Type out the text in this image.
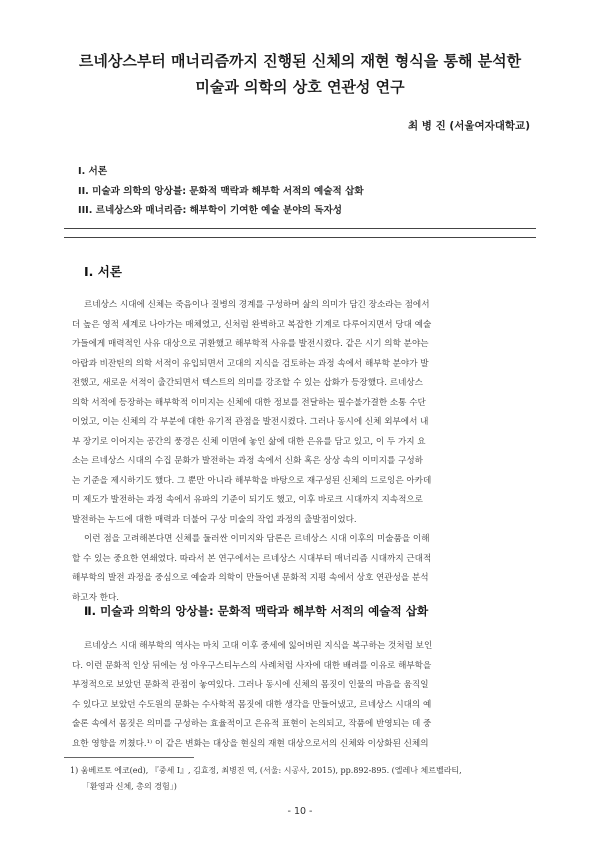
르네상스부터 매너리즘까지 진행된 신체의 재현 형식을 통해 분석한
미술과 의학의 상호 연관성 연구
최 병 진 (서울여자대학교)
I. 서론
II. 미술과 의학의 앙상블: 문화적 맥락과 해부학 서적의 예술적 삽화
III. 르네상스와 매너리즘: 해부학이 기여한 예술 분야의 독자성
Ⅰ. 서론
르네상스 시대에 신체는 죽음이나 질병의 경계를 구성하며 삶의 의미가 담긴 장소라는 점에서
더 높은 영적 세계로 나아가는 매체였고, 신처럼 완벽하고 복잡한 기계로 다루어지면서 당대 예술
가들에게 매력적인 사유 대상으로 귀환했고 해부학적 사유를 발전시켰다. 같은 시기 의학 분야는
아랍과 비잔틴의 의학 서적이 유입되면서 고대의 지식을 검토하는 과정 속에서 해부학 분야가 발
전했고, 새로운 서적이 출간되면서 텍스트의 의미를 강조할 수 있는 삽화가 등장했다. 르네상스
의학 서적에 등장하는 해부학적 이미지는 신체에 대한 정보를 전달하는 필수불가결한 소통 수단
이었고, 이는 신체의 각 부분에 대한 유기적 관점을 발전시켰다. 그러나 동시에 신체 외부에서 내
부 장기로 이어지는 공간의 풍경은 신체 이면에 놓인 삶에 대한 은유를 담고 있고, 이 두 가지 요
소는 르네상스 시대의 수집 문화가 발전하는 과정 속에서 신화 혹은 상상 속의 이미지를 구성하
는 기준을 제시하기도 했다. 그 뿐만 아니라 해부학을 바탕으로 재구성된 신체의 드로잉은 아카데
미 제도가 발전하는 과정 속에서 유파의 기준이 되기도 했고, 이후 바로크 시대까지 지속적으로
발전하는 누드에 대한 매력과 더불어 구상 미술의 작업 과정의 출발점이었다.
이런 점을 고려해본다면 신체를 둘러싼 이미지와 담론은 르네상스 시대 이후의 미술품을 이해
할 수 있는 중요한 연쇄였다. 따라서 본 연구에서는 르네상스 시대부터 매너리즘 시대까지 근대적
해부학의 발전 과정을 중심으로 예술과 의학이 만들어낸 문화적 지평 속에서 상호 연관성을 분석
하고자 한다.
Ⅱ. 미술과 의학의 앙상블: 문화적 맥락과 해부학 서적의 예술적 삽화
르네상스 시대 해부학의 역사는 마치 고대 이후 중세에 잃어버린 지식을 복구하는 것처럼 보인
다. 이런 문화적 인상 뒤에는 성 아우구스티누스의 사례처럼 사자에 대한 배려를 이유로 해부학을
부정적으로 보았던 문화적 관점이 놓여있다. 그러나 동시에 신체의 몸짓이 인물의 마음을 움직일
수 있다고 보았던 수도원의 문화는 수사학적 몸짓에 대한 생각을 만들어냈고, 르네상스 시대의 예
술론 속에서 몸짓은 의미를 구성하는 효율적이고 은유적 표현이 논의되고, 작품에 반영되는 데 중
요한 영향을 끼쳤다.¹⁾ 이 같은 변화는 대상을 현실의 재현 대상으로서의 신체와 이상화된 신체의
1) 움베르토 에코(ed), 『중세 Ⅰ』, 김효정, 최병진 역, (서울: 시공사, 2015), pp.892-895. (엘레나 체르벨라티,
「환영과 신체, 총의 경험」)
- 10 -
